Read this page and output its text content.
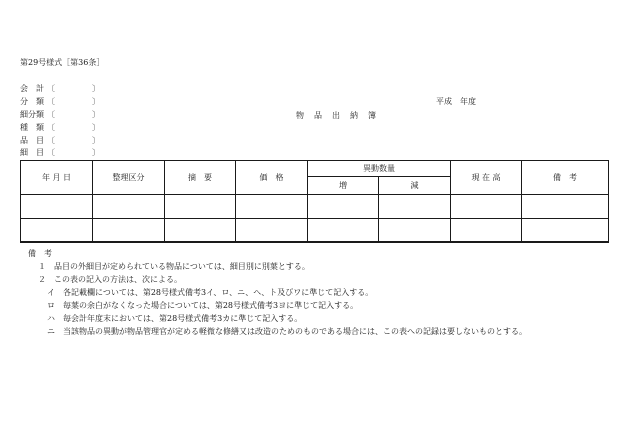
第29号様式［第36条］
物　品　出　納　簿
平成　年度
会　計 〔	〕
分　類 〔	〕
細分類 〔	〕
種　類 〔	〕
品　目 〔	〕
細　目 〔	〕
年 月 日	整理区分	摘　要	価　格	異動数量		現 在 高	備　考
				増	減		

備　考
１　品目の外細目が定められている物品については、細目別に別葉とする。
２　この表の記入の方法は、次による。
イ　各記載欄については、第28号様式備考3イ、ロ、ニ、ヘ、ト及びワに準じて記入する。
ロ　毎葉の余白がなくなった場合については、第28号様式備考3ヨに準じて記入する。
ハ　毎会計年度末においては、第28号様式備考3カに準じて記入する。
ニ　当該物品の異動が物品管理官が定める軽微な修繕又は改造のためのものである場合には、この表への記録は要しないものとする。
